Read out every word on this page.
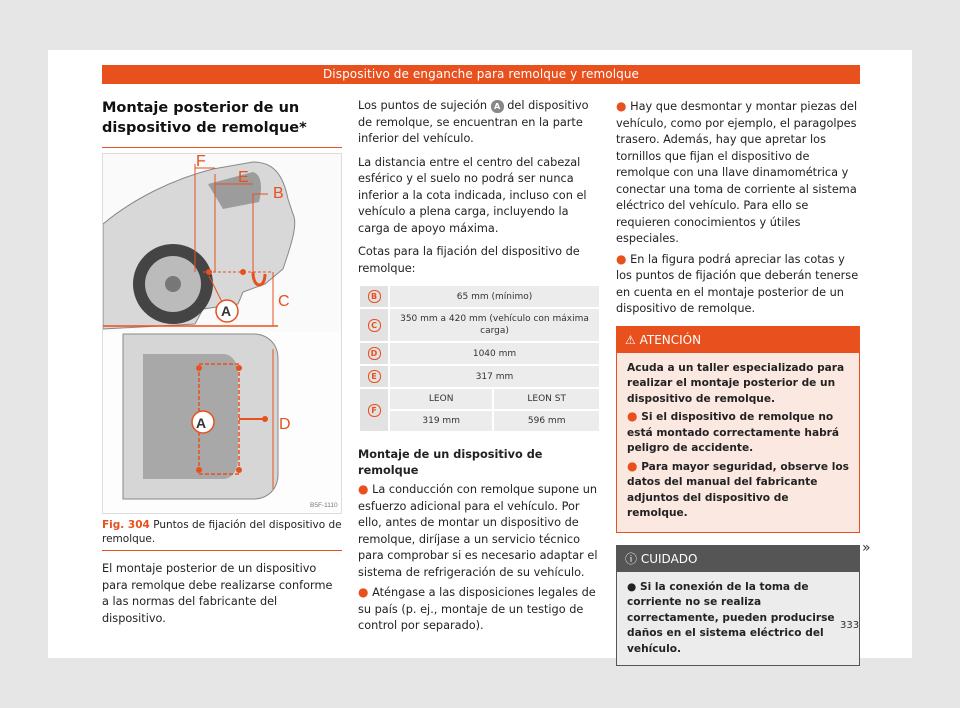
Dispositivo de enganche para remolque y remolque
Montaje posterior de un dispositivo de remolque*
F
E
B
C
A
A	D
B5F-1110
Fig. 304 Puntos de fijación del dispositivo de remolque.
El montaje posterior de un dispositivo para remolque debe realizarse conforme a las normas del fabricante del dispositivo.

Los puntos de sujeción A del dispositivo de remolque, se encuentran en la parte inferior del vehículo.

La distancia entre el centro del cabezal esférico y el suelo no podrá ser nunca inferior a la cota indicada, incluso con el vehículo a plena carga, incluyendo la carga de apoyo máxima.

Cotas para la fijación del dispositivo de remolque:

B	65 mm (mínimo)	
C	350 mm a 420 mm (vehículo con máxima carga)	
D	1040 mm	
E	317 mm	
F	LEON	LEON ST
	319 mm	596 mm
Montaje de un dispositivo de remolque

● La conducción con remolque supone un esfuerzo adicional para el vehículo. Por ello, antes de montar un dispositivo de remolque, diríjase a un servicio técnico para comprobar si es necesario adaptar el sistema de refrigeración de su vehículo.

● Aténgase a las disposiciones legales de su país (p. ej., montaje de un testigo de control por separado).

● Hay que desmontar y montar piezas del vehículo, como por ejemplo, el paragolpes trasero. Además, hay que apretar los tornillos que fijan el dispositivo de remolque con una llave dinamométrica y conectar una toma de corriente al sistema eléctrico del vehículo. Para ello se requieren conocimientos y útiles especiales.

● En la figura podrá apreciar las cotas y los puntos de fijación que deberán tenerse en cuenta en el montaje posterior de un dispositivo de remolque.

⚠ ATENCIÓN

Acuda a un taller especializado para realizar el montaje posterior de un dispositivo de remolque.

● Si el dispositivo de remolque no está montado correctamente habrá peligro de accidente.

● Para mayor seguridad, observe los datos del manual del fabricante adjuntos del dispositivo de remolque.

ⓘ CUIDADO

● Si la conexión de la toma de corriente no se realiza correctamente, pueden producirse daños en el sistema eléctrico del vehículo.

»
333
